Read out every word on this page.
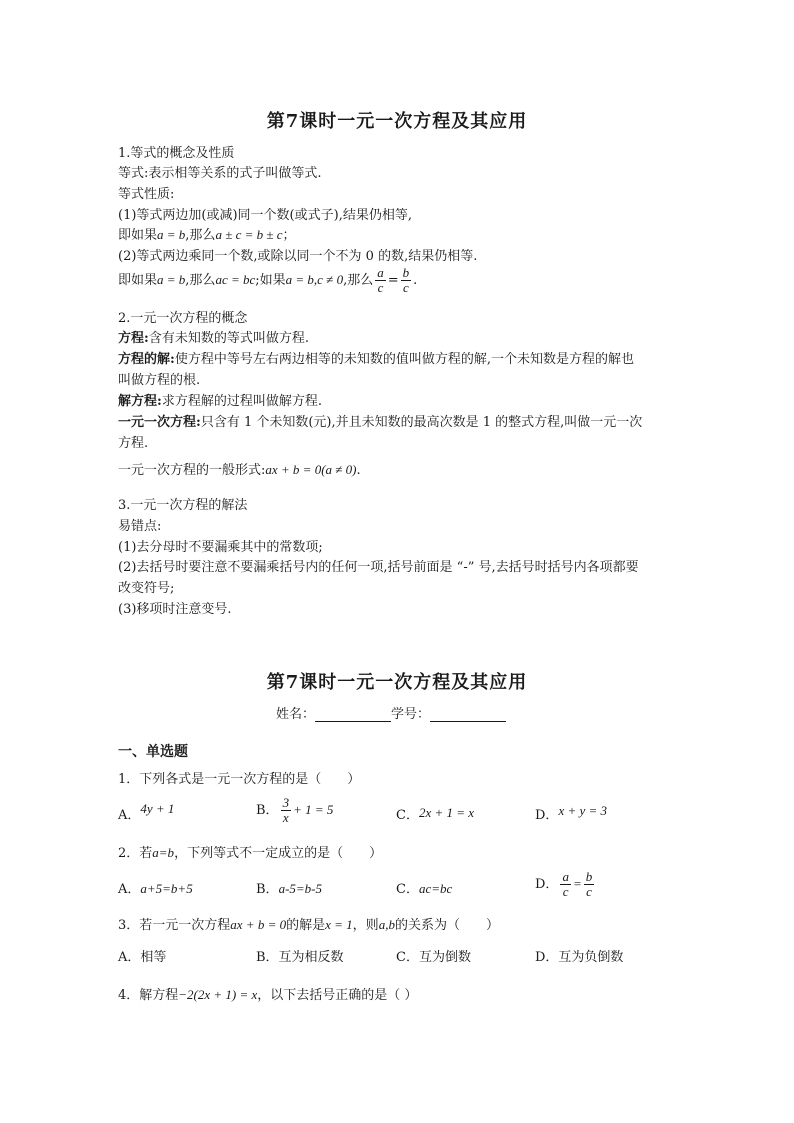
第7课时一元一次方程及其应用
1.等式的概念及性质
等式:表示相等关系的式子叫做等式.
等式性质:
(1)等式两边加(或减)同一个数(或式子),结果仍相等,
即如果a = b,那么a ± c = b ± c；
(2)等式两边乘同一个数,或除以同一个不为 0 的数,结果仍相等.
即如果a = b,那么ac = bc;如果a = b,c ≠ 0,那么 $\frac{a}{c} = \frac{b}{c}$ .
2.一元一次方程的概念
方程:含有未知数的等式叫做方程.
方程的解:使方程中等号左右两边相等的未知数的值叫做方程的解,一个未知数是方程的解也
叫做方程的根.
解方程:求方程解的过程叫做解方程.
一元一次方程:只含有 1 个未知数(元),并且未知数的最高次数是 1 的整式方程,叫做一元一次
方程.
一元一次方程的一般形式:ax + b = 0(a ≠ 0).
3.一元一次方程的解法
易错点:
(1)去分母时不要漏乘其中的常数项;
(2)去括号时要注意不要漏乘括号内的任何一项,括号前面是 “-” 号,去括号时括号内各项都要
改变符号;
(3)移项时注意变号.
第7课时一元一次方程及其应用
姓名：	学号：
一、单选题
1．下列各式是一元一次方程的是（　　）
A．4y + 1	B． $\frac{3}{x} + 1 = 5$	C．2x + 1 = x	D．x + y = 3
2．若a=b，下列等式不一定成立的是（　　）
A．a+5=b+5	B．a-5=b-5	C．ac=bc	D． $\frac{a}{c} = \frac{b}{c}$
3．若一元一次方程ax + b = 0的解是x = 1，则a,b的关系为（　　）
A．相等	B．互为相反数	C．互为倒数	D．互为负倒数
4．解方程−2(2x + 1) = x，以下去括号正确的是（ ）
